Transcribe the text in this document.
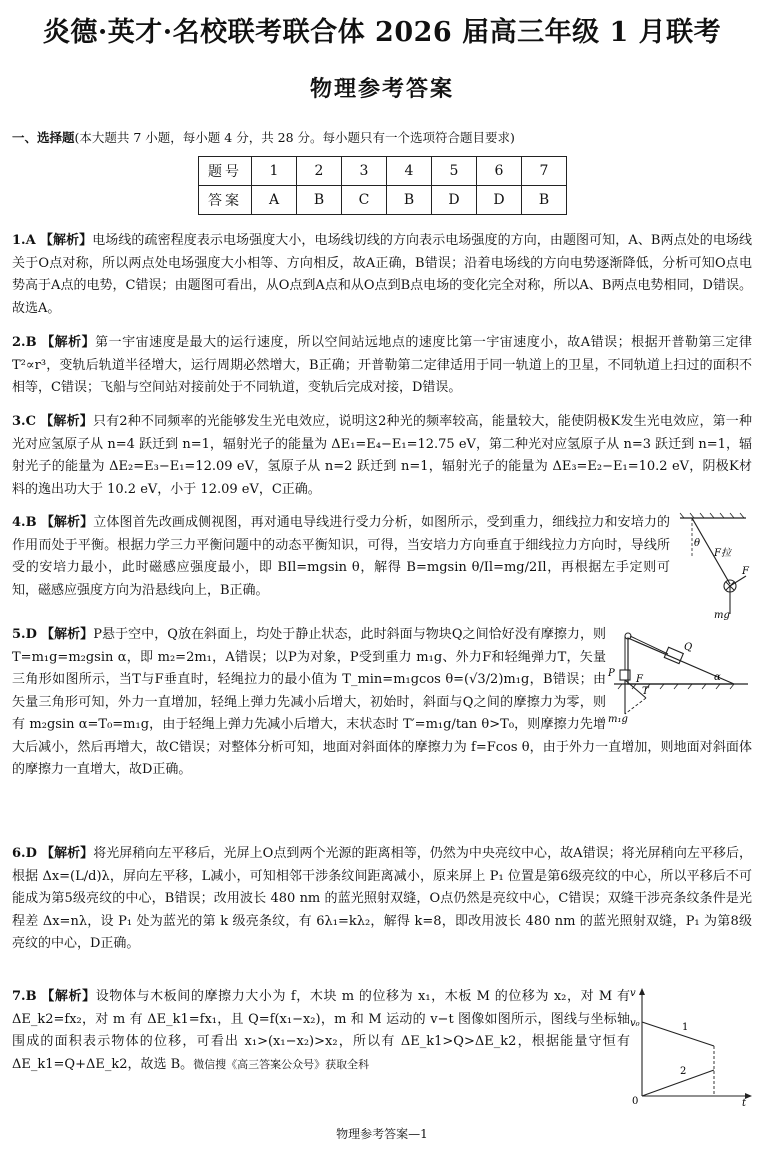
炎德·英才·名校联考联合体 2026 届高三年级 1 月联考
物理参考答案
一、选择题(本大题共 7 小题，每小题 4 分，共 28 分。每小题只有一个选项符合题目要求)
题号	1	2	3	4	5	6	7
答案	A	B	C	B	D	D	B

1.A 【解析】电场线的疏密程度表示电场强度大小，电场线切线的方向表示电场强度的方向，由题图可知，A、B两点处的电场线关于O点对称，所以两点处电场强度大小相等、方向相反，故A正确，B错误；沿着电场线的方向电势逐渐降低，分析可知O点电势高于A点的电势，C错误；由题图可看出，从O点到A点和从O点到B点电场的变化完全对称，所以A、B两点电势相同，D错误。故选A。

2.B 【解析】第一宇宙速度是最大的运行速度，所以空间站远地点的速度比第一宇宙速度小，故A错误；根据开普勒第三定律 T²∝r³，变轨后轨道半径增大，运行周期必然增大，B正确；开普勒第二定律适用于同一轨道上的卫星，不同轨道上扫过的面积不相等，C错误；飞船与空间站对接前处于不同轨道，变轨后完成对接，D错误。

3.C 【解析】只有2种不同频率的光能够发生光电效应，说明这2种光的频率较高，能量较大，能使阴极K发生光电效应，第一种光对应氢原子从 n=4 跃迁到 n=1，辐射光子的能量为 ΔE₁=E₄−E₁=12.75 eV，第二种光对应氢原子从 n=3 跃迁到 n=1，辐射光子的能量为 ΔE₂=E₃−E₁=12.09 eV，氢原子从 n=2 跃迁到 n=1，辐射光子的能量为 ΔE₃=E₂−E₁=10.2 eV，阴极K材料的逸出功大于 10.2 eV，小于 12.09 eV，C正确。

θ
F拉
F
mg

4.B 【解析】立体图首先改画成侧视图，再对通电导线进行受力分析，如图所示，受到重力，细线拉力和安培力的作用而处于平衡。根据力学三力平衡问题中的动态平衡知识，可得，当安培力方向垂直于细线拉力方向时，导线所受的安培力最小，此时磁感应强度最小，即 BIl=mgsin θ，解得 B=mgsin θ/Il=mg/2Il，再根据左手定则可知，磁感应强度方向为沿悬线向上，B正确。

P
F
T
Q
α
m₁g

5.D 【解析】P悬于空中，Q放在斜面上，均处于静止状态，此时斜面与物块Q之间恰好没有摩擦力，则 T=m₁g=m₂gsin α，即 m₂=2m₁，A错误；以P为对象，P受到重力 m₁g、外力F和轻绳弹力T，矢量三角形如图所示，当T与F垂直时，轻绳拉力的最小值为 T_min=m₁gcos θ=(√3/2)m₁g，B错误；由矢量三角形可知，外力一直增加，轻绳上弹力先减小后增大，初始时，斜面与Q之间的摩擦力为零，则有 m₂gsin α=T₀=m₁g，由于轻绳上弹力先减小后增大，末状态时 T′=m₁g/tan θ>T₀，则摩擦力先增大后减小，然后再增大，故C错误；对整体分析可知，地面对斜面体的摩擦力为 f=Fcos θ，由于外力一直增加，则地面对斜面体的摩擦力一直增大，故D正确。

6.D 【解析】将光屏稍向左平移后，光屏上O点到两个光源的距离相等，仍然为中央亮纹中心，故A错误；将光屏稍向左平移后，根据 Δx=(L/d)λ，屏向左平移，L减小，可知相邻干涉条纹间距离减小，原来屏上 P₁ 位置是第6级亮纹的中心，所以平移后不可能成为第5级亮纹的中心，B错误；改用波长 480 nm 的蓝光照射双缝，O点仍然是亮纹中心，C错误；双缝干涉亮条纹条件是光程差 Δx=nλ，设 P₁ 处为蓝光的第 k 级亮条纹，有 6λ₁=kλ₂，解得 k=8，即改用波长 480 nm 的蓝光照射双缝，P₁ 为第8级亮纹的中心，D正确。

v
v₀	1
2
0	t

7.B 【解析】设物体与木板间的摩擦力大小为 f，木块 m 的位移为 x₁，木板 M 的位移为 x₂，对 M 有 ΔE_k2=fx₂，对 m 有 ΔE_k1=fx₁，且 Q=f(x₁−x₂)，m 和 M 运动的 v−t 图像如图所示，图线与坐标轴围成的面积表示物体的位移，可看出 x₁>(x₁−x₂)>x₂，所以有 ΔE_k1>Q>ΔE_k2，根据能量守恒有 ΔE_k1=Q+ΔE_k2，故选 B。微信搜《高三答案公众号》获取全科

物理参考答案—1
